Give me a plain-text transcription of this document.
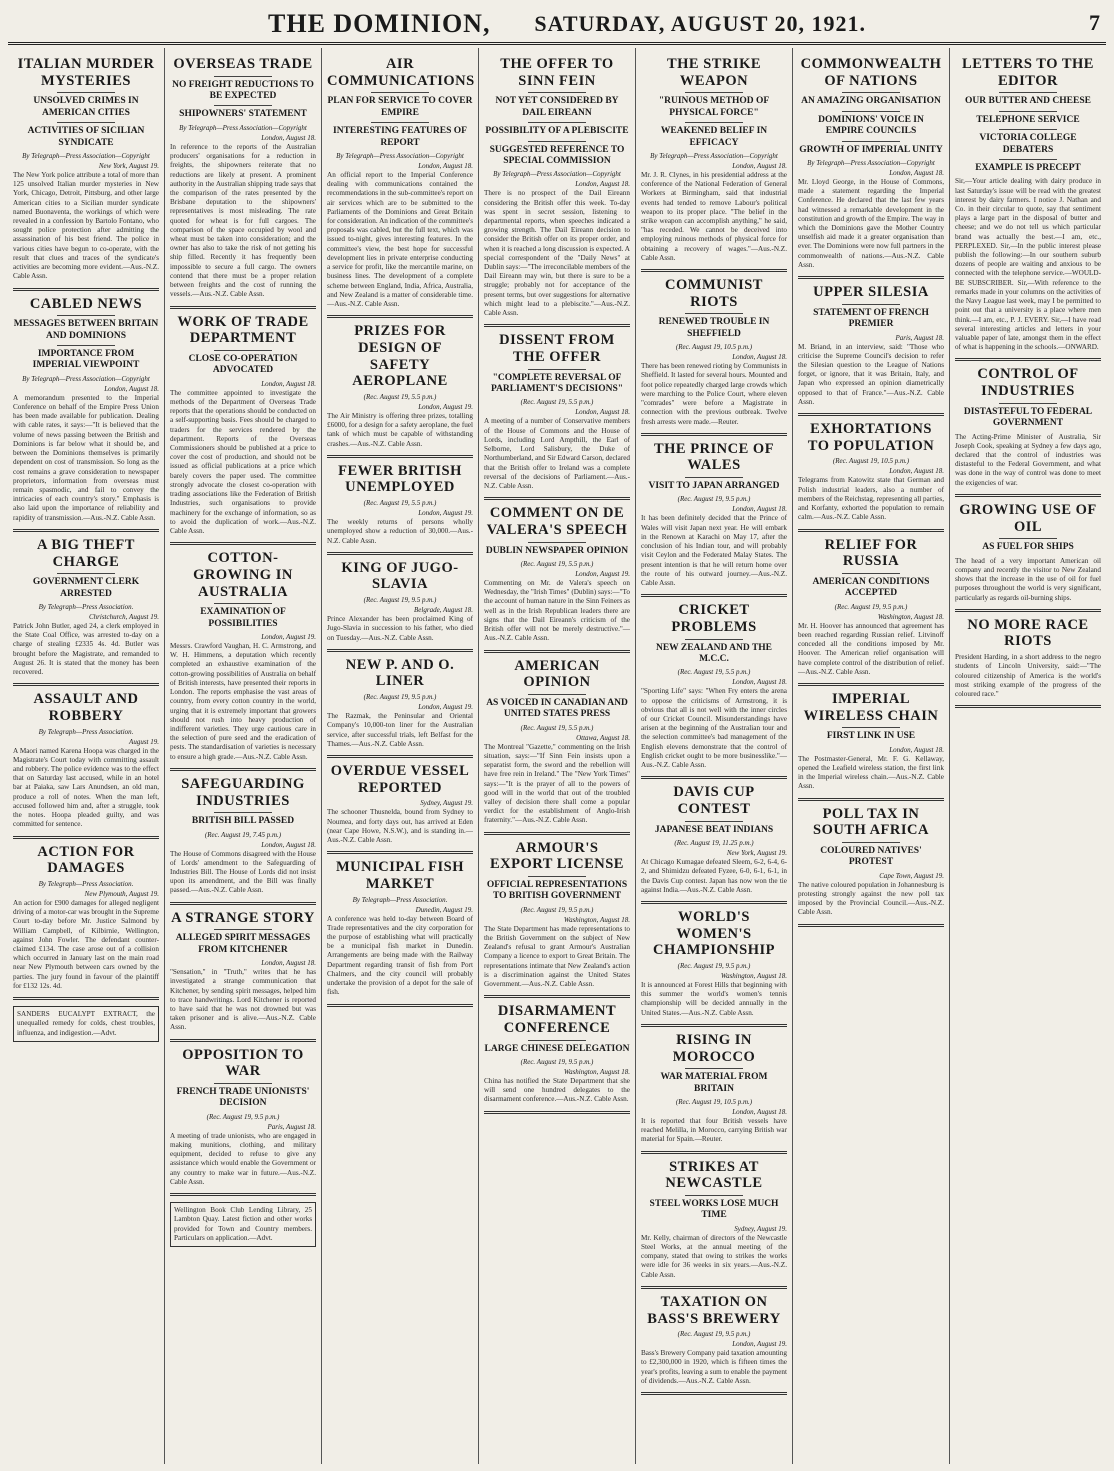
THE DOMINION, SATURDAY, AUGUST 20, 1921.	7
ITALIAN MURDER MYSTERIES
UNSOLVED CRIMES IN AMERICAN CITIES
ACTIVITIES OF SICILIAN SYNDICATE
By Telegraph—Press Association—Copyright
New York, August 19.

The New York police attribute a total of more than 125 unsolved Italian murder mysteries in New York, Chicago, Detroit, Pittsburg, and other large American cities to a Sicilian murder syndicate named Buonaventa, the workings of which were revealed in a confession by Bartolo Fontano, who sought police protection after admitting the assassination of his best friend. The police in various cities have begun to co-operate, with the result that clues and traces of the syndicate's activities are becoming more evident.—Aus.-N.Z. Cable Assn.

CABLED NEWS
MESSAGES BETWEEN BRITAIN AND DOMINIONS
IMPORTANCE FROM IMPERIAL VIEWPOINT
By Telegraph—Press Association—Copyright
London, August 18.

A memorandum presented to the Imperial Conference on behalf of the Empire Press Union has been made available for publication. Dealing with cable rates, it says:—"It is believed that the volume of news passing between the British and Dominions is far below what it should be, and between the Dominions themselves is primarily dependent on cost of transmission. So long as the cost remains a grave consideration to newspaper proprietors, information from overseas must remain spasmodic, and fail to convey the intricacies of each country's story." Emphasis is also laid upon the importance of reliability and rapidity of transmission.—Aus.-N.Z. Cable Assn.

A BIG THEFT CHARGE
GOVERNMENT CLERK ARRESTED
By Telegraph—Press Association.
Christchurch, August 19.

Patrick John Butler, aged 24, a clerk employed in the State Coal Office, was arrested to-day on a charge of stealing £2335 4s. 4d. Butler was brought before the Magistrate, and remanded to August 26. It is stated that the money has been recovered.

ASSAULT AND ROBBERY
By Telegraph—Press Association.
August 19.

A Maori named Karena Hoopa was charged in the Magistrate's Court today with committing assault and robbery. The police evidence was to the effect that on Saturday last accused, while in an hotel bar at Paiaka, saw Lars Anundsen, an old man, produce a roll of notes. When the man left, accused followed him and, after a struggle, took the notes. Hoopa pleaded guilty, and was committed for sentence.

ACTION FOR DAMAGES
By Telegraph—Press Association.
New Plymouth, August 19.

An action for £900 damages for alleged negligent driving of a motor-car was brought in the Supreme Court to-day before Mr. Justice Salmond by William Campbell, of Kilbirnie, Wellington, against John Fowler. The defendant counter-claimed £134. The case arose out of a collision which occurred in January last on the main road near New Plymouth between cars owned by the parties. The jury found in favour of the plaintiff for £132 12s. 4d.

SANDERS EUCALYPT EXTRACT, the unequalled remedy for colds, chest troubles, influenza, and indigestion.—Advt.

OVERSEAS TRADE
NO FREIGHT REDUCTIONS TO BE EXPECTED
SHIPOWNERS' STATEMENT
By Telegraph—Press Association—Copyright
London, August 18.

In reference to the reports of the Australian producers' organisations for a reduction in freights, the shipowners reiterate that no reductions are likely at present. A prominent authority in the Australian shipping trade says that the comparison of the rates presented by the Brisbane deputation to the shipowners' representatives is most misleading. The rate quoted for wheat is for full cargoes. The comparison of the space occupied by wool and wheat must be taken into consideration; and the owner has also to take the risk of not getting his ship filled. Recently it has frequently been impossible to secure a full cargo. The owners contend that there must be a proper relation between freights and the cost of running the vessels.—Aus.-N.Z. Cable Assn.

WORK OF TRADE DEPARTMENT
CLOSE CO-OPERATION ADVOCATED
London, August 18.

The committee appointed to investigate the methods of the Department of Overseas Trade reports that the operations should be conducted on a self-supporting basis. Fees should be charged to traders for the services rendered by the department. Reports of the Overseas Commissioners should be published at a price to cover the cost of production, and should not be issued as official publications at a price which barely covers the paper used. The committee strongly advocate the closest co-operation with trading associations like the Federation of British Industries, such organisations to provide machinery for the exchange of information, so as to avoid the duplication of work.—Aus.-N.Z. Cable Assn.

COTTON-GROWING IN AUSTRALIA
EXAMINATION OF POSSIBILITIES
London, August 19.

Messrs. Crawford Vaughan, H. C. Armstrong, and W. H. Himmens, a deputation which recently completed an exhaustive examination of the cotton-growing possibilities of Australia on behalf of British interests, have presented their reports in London. The reports emphasise the vast areas of country, from every cotton country in the world, urging that it is extremely important that growers should not rush into heavy production of indifferent varieties. They urge cautious care in the selection of pure seed and the eradication of pests. The standardisation of varieties is necessary to ensure a high grade.—Aus.-N.Z. Cable Assn.

SAFEGUARDING INDUSTRIES
BRITISH BILL PASSED
(Rec. August 19, 7.45 p.m.)
London, August 18.

The House of Commons disagreed with the House of Lords' amendment to the Safeguarding of Industries Bill. The House of Lords did not insist upon its amendment, and the Bill was finally passed.—Aus.-N.Z. Cable Assn.

A STRANGE STORY
ALLEGED SPIRIT MESSAGES FROM KITCHENER
London, August 18.

"Sensation," in "Truth," writes that he has investigated a strange communication that Kitchener, by sending spirit messages, helped him to trace handwritings. Lord Kitchener is reported to have said that he was not drowned but was taken prisoner and is alive.—Aus.-N.Z. Cable Assn.

OPPOSITION TO WAR
FRENCH TRADE UNIONISTS' DECISION
(Rec. August 19, 9.5 p.m.)
Paris, August 18.

A meeting of trade unionists, who are engaged in making munitions, clothing, and military equipment, decided to refuse to give any assistance which would enable the Government or any country to make war in future.—Aus.-N.Z. Cable Assn.

Wellington Book Club Lending Library, 25 Lambton Quay. Latest fiction and other works provided for Town and Country members. Particulars on application.—Advt.

AIR COMMUNICATIONS
PLAN FOR SERVICE TO COVER EMPIRE
INTERESTING FEATURES OF REPORT
By Telegraph—Press Association—Copyright
London, August 18.

An official report to the Imperial Conference dealing with communications contained the recommendations in the sub-committee's report on air services which are to be submitted to the Parliaments of the Dominions and Great Britain for consideration. An indication of the committee's proposals was cabled, but the full text, which was issued to-night, gives interesting features. In the committee's view, the best hope for successful development lies in private enterprise conducting a service for profit, like the mercantile marine, on business lines. The development of a complete scheme between England, India, Africa, Australia, and New Zealand is a matter of considerable time.—Aus.-N.Z. Cable Assn.

PRIZES FOR DESIGN OF SAFETY AEROPLANE
(Rec. August 19, 5.5 p.m.)
London, August 19.

The Air Ministry is offering three prizes, totalling £6000, for a design for a safety aeroplane, the fuel tank of which must be capable of withstanding crashes.—Aus.-N.Z. Cable Assn.

FEWER BRITISH UNEMPLOYED
(Rec. August 19, 5.5 p.m.)
London, August 19.

The weekly returns of persons wholly unemployed show a reduction of 30,000.—Aus.-N.Z. Cable Assn.

KING OF JUGO-SLAVIA
(Rec. August 19, 9.5 p.m.)
Belgrade, August 18.

Prince Alexander has been proclaimed King of Jugo-Slavia in succession to his father, who died on Tuesday.—Aus.-N.Z. Cable Assn.

NEW P. AND O. LINER
(Rec. August 19, 9.5 p.m.)
London, August 19.

The Razmak, the Peninsular and Oriental Company's 10,000-ton liner for the Australian service, after successful trials, left Belfast for the Thames.—Aus.-N.Z. Cable Assn.

OVERDUE VESSEL REPORTED
Sydney, August 19.

The schooner Thusnelda, bound from Sydney to Noumea, and forty days out, has arrived at Eden (near Cape Howe, N.S.W.), and is standing in.—Aus.-N.Z. Cable Assn.

MUNICIPAL FISH MARKET
By Telegraph—Press Association.
Dunedin, August 19.

A conference was held to-day between Board of Trade representatives and the city corporation for the purpose of establishing what will practically be a municipal fish market in Dunedin. Arrangements are being made with the Railway Department regarding transit of fish from Port Chalmers, and the city council will probably undertake the provision of a depot for the sale of fish.

THE OFFER TO SINN FEIN
NOT YET CONSIDERED BY DAIL EIREANN
POSSIBILITY OF A PLEBISCITE
SUGGESTED REFERENCE TO SPECIAL COMMISSION
By Telegraph—Press Association—Copyright
London, August 18.

There is no prospect of the Dail Eireann considering the British offer this week. To-day was spent in secret session, listening to departmental reports, when speeches indicated a growing strength. The Dail Eireann decision to consider the British offer on its proper order, and when it is reached a long discussion is expected. A special correspondent of the "Daily News" at Dublin says:—"The irreconcilable members of the Dail Eireann may win, but there is sure to be a struggle; probably not for acceptance of the present terms, but over suggestions for alternative which might lead to a plebiscite."—Aus.-N.Z. Cable Assn.

DISSENT FROM THE OFFER
"COMPLETE REVERSAL OF PARLIAMENT'S DECISIONS"
(Rec. August 19, 5.5 p.m.)
London, August 18.

A meeting of a number of Conservative members of the House of Commons and the House of Lords, including Lord Ampthill, the Earl of Selborne, Lord Salisbury, the Duke of Northumberland, and Sir Edward Carson, declared that the British offer to Ireland was a complete reversal of the decisions of Parliament.—Aus.-N.Z. Cable Assn.

COMMENT ON DE VALERA'S SPEECH
DUBLIN NEWSPAPER OPINION
(Rec. August 19, 5.5 p.m.)
London, August 19.

Commenting on Mr. de Valera's speech on Wednesday, the "Irish Times" (Dublin) says:—"To the account of human nature in the Sinn Feiners as well as in the Irish Republican leaders there are signs that the Dail Eireann's criticism of the British offer will not be merely destructive."—Aus.-N.Z. Cable Assn.

AMERICAN OPINION
AS VOICED IN CANADIAN AND UNITED STATES PRESS
(Rec. August 19, 5.5 p.m.)
Ottawa, August 18.

The Montreal "Gazette," commenting on the Irish situation, says:—"If Sinn Fein insists upon a separatist form, the sword and the rebellion will have free rein in Ireland." The "New York Times" says:—"It is the prayer of all to the powers of good will in the world that out of the troubled valley of decision there shall come a popular verdict for the establishment of Anglo-Irish fraternity."—Aus.-N.Z. Cable Assn.

ARMOUR'S EXPORT LICENSE
OFFICIAL REPRESENTATIONS TO BRITISH GOVERNMENT
(Rec. August 19, 9.5 p.m.)
Washington, August 18.

The State Department has made representations to the British Government on the subject of New Zealand's refusal to grant Armour's Australian Company a licence to export to Great Britain. The representations intimate that New Zealand's action is a discrimination against the United States Government.—Aus.-N.Z. Cable Assn.

DISARMAMENT CONFERENCE
LARGE CHINESE DELEGATION
(Rec. August 19, 9.5 p.m.)
Washington, August 18.

China has notified the State Department that she will send one hundred delegates to the disarmament conference.—Aus.-N.Z. Cable Assn.

THE STRIKE WEAPON
"RUINOUS METHOD OF PHYSICAL FORCE"
WEAKENED BELIEF IN EFFICACY
By Telegraph—Press Association—Copyright
London, August 18.

Mr. J. R. Clynes, in his presidential address at the conference of the National Federation of General Workers at Birmingham, said that industrial events had tended to remove Labour's political weapon to its proper place. "The belief in the strike weapon can accomplish anything," he said, "has receded. We cannot be deceived into employing ruinous methods of physical force for obtaining a recovery of wages."—Aus.-N.Z. Cable Assn.

COMMUNIST RIOTS
RENEWED TROUBLE IN SHEFFIELD
(Rec. August 19, 10.5 p.m.)
London, August 18.

There has been renewed rioting by Communists in Sheffield. It lasted for several hours. Mounted and foot police repeatedly charged large crowds which were marching to the Police Court, where eleven "comrades" were before a Magistrate in connection with the previous outbreak. Twelve fresh arrests were made.—Reuter.

THE PRINCE OF WALES
VISIT TO JAPAN ARRANGED
(Rec. August 19, 9.5 p.m.)
London, August 18.

It has been definitely decided that the Prince of Wales will visit Japan next year. He will embark in the Renown at Karachi on May 17, after the conclusion of his Indian tour, and will probably visit Ceylon and the Federated Malay States. The present intention is that he will return home over the route of his outward journey.—Aus.-N.Z. Cable Assn.

CRICKET PROBLEMS
NEW ZEALAND AND THE M.C.C.
(Rec. August 19, 5.5 p.m.)
London, August 18.

"Sporting Life" says: "When Fry enters the arena to oppose the criticisms of Armstrong, it is obvious that all is not well with the inner circles of our Cricket Council. Misunderstandings have arisen at the beginning of the Australian tour and the selection committee's bad management of the English elevens demonstrate that the control of English cricket ought to be more businesslike."—Aus.-N.Z. Cable Assn.

DAVIS CUP CONTEST
JAPANESE BEAT INDIANS
(Rec. August 19, 11.25 p.m.)
New York, August 19.

At Chicago Kumagae defeated Sleem, 6-2, 6-4, 6-2, and Shimidzu defeated Fyzee, 6-0, 6-1, 6-1, in the Davis Cup contest. Japan has now won the tie against India.—Aus.-N.Z. Cable Assn.

WORLD'S WOMEN'S CHAMPIONSHIP
(Rec. August 19, 9.5 p.m.)
Washington, August 18.

It is announced at Forest Hills that beginning with this summer the world's women's tennis championship will be decided annually in the United States.—Aus.-N.Z. Cable Assn.

RISING IN MOROCCO
WAR MATERIAL FROM BRITAIN
(Rec. August 19, 10.5 p.m.)
London, August 18.

It is reported that four British vessels have reached Melilla, in Morocco, carrying British war material for Spain.—Reuter.

STRIKES AT NEWCASTLE
STEEL WORKS LOSE MUCH TIME
Sydney, August 19.

Mr. Kelly, chairman of directors of the Newcastle Steel Works, at the annual meeting of the company, stated that owing to strikes the works were idle for 36 weeks in six years.—Aus.-N.Z. Cable Assn.

TAXATION ON BASS'S BREWERY
(Rec. August 19, 9.5 p.m.)
London, August 19.

Bass's Brewery Company paid taxation amounting to £2,300,000 in 1920, which is fifteen times the year's profits, leaving a sum to enable the payment of dividends.—Aus.-N.Z. Cable Assn.

COMMONWEALTH OF NATIONS
AN AMAZING ORGANISATION
DOMINIONS' VOICE IN EMPIRE COUNCILS
GROWTH OF IMPERIAL UNITY
By Telegraph—Press Association—Copyright
London, August 18.

Mr. Lloyd George, in the House of Commons, made a statement regarding the Imperial Conference. He declared that the last few years had witnessed a remarkable development in the constitution and growth of the Empire. The way in which the Dominions gave the Mother Country unselfish aid made it a greater organisation than ever. The Dominions were now full partners in the commonwealth of nations.—Aus.-N.Z. Cable Assn.

UPPER SILESIA
STATEMENT OF FRENCH PREMIER
Paris, August 18.

M. Briand, in an interview, said: "Those who criticise the Supreme Council's decision to refer the Silesian question to the League of Nations forget, or ignore, that it was Britain, Italy, and Japan who expressed an opinion diametrically opposed to that of France."—Aus.-N.Z. Cable Assn.

EXHORTATIONS TO POPULATION
(Rec. August 19, 10.5 p.m.)
London, August 18.

Telegrams from Katowitz state that German and Polish industrial leaders, also a number of members of the Reichstag, representing all parties, and Korfanty, exhorted the population to remain calm.—Aus.-N.Z. Cable Assn.

RELIEF FOR RUSSIA
AMERICAN CONDITIONS ACCEPTED
(Rec. August 19, 9.5 p.m.)
Washington, August 18.

Mr. H. Hoover has announced that agreement has been reached regarding Russian relief. Litvinoff conceded all the conditions imposed by Mr. Hoover. The American relief organisation will have complete control of the distribution of relief.—Aus.-N.Z. Cable Assn.

IMPERIAL WIRELESS CHAIN
FIRST LINK IN USE
London, August 18.

The Postmaster-General, Mr. F. G. Kellaway, opened the Leafield wireless station, the first link in the Imperial wireless chain.—Aus.-N.Z. Cable Assn.

POLL TAX IN SOUTH AFRICA
COLOURED NATIVES' PROTEST
Cape Town, August 19.

The native coloured population in Johannesburg is protesting strongly against the new poll tax imposed by the Provincial Council.—Aus.-N.Z. Cable Assn.

LETTERS TO THE EDITOR
OUR BUTTER AND CHEESE
TELEPHONE SERVICE
VICTORIA COLLEGE DEBATERS
EXAMPLE IS PRECEPT

Sir,—Your article dealing with dairy produce in last Saturday's issue will be read with the greatest interest by dairy farmers. I notice J. Nathan and Co. in their circular to quote, say that sentiment plays a large part in the disposal of butter and cheese; and we do not tell us which particular brand was actually the best.—I am, etc., PERPLEXED. Sir,—In the public interest please publish the following:—In our southern suburb dozens of people are waiting and anxious to be connected with the telephone service.—WOULD-BE SUBSCRIBER. Sir,—With reference to the remarks made in your columns on the activities of the Navy League last week, may I be permitted to point out that a university is a place where men think.—I am, etc., P. J. EVERY. Sir,—I have read several interesting articles and letters in your valuable paper of late, amongst them in the effect of what is happening in the schools.—ONWARD.

CONTROL OF INDUSTRIES
DISTASTEFUL TO FEDERAL GOVERNMENT

The Acting-Prime Minister of Australia, Sir Joseph Cook, speaking at Sydney a few days ago, declared that the control of industries was distasteful to the Federal Government, and what was done in the way of control was done to meet the exigencies of war.

GROWING USE OF OIL
AS FUEL FOR SHIPS

The head of a very important American oil company and recently the visitor to New Zealand shows that the increase in the use of oil for fuel purposes throughout the world is very significant, particularly as regards oil-burning ships.

NO MORE RACE RIOTS

President Harding, in a short address to the negro students of Lincoln University, said:—"The coloured citizenship of America is the world's most striking example of the progress of the coloured race."
